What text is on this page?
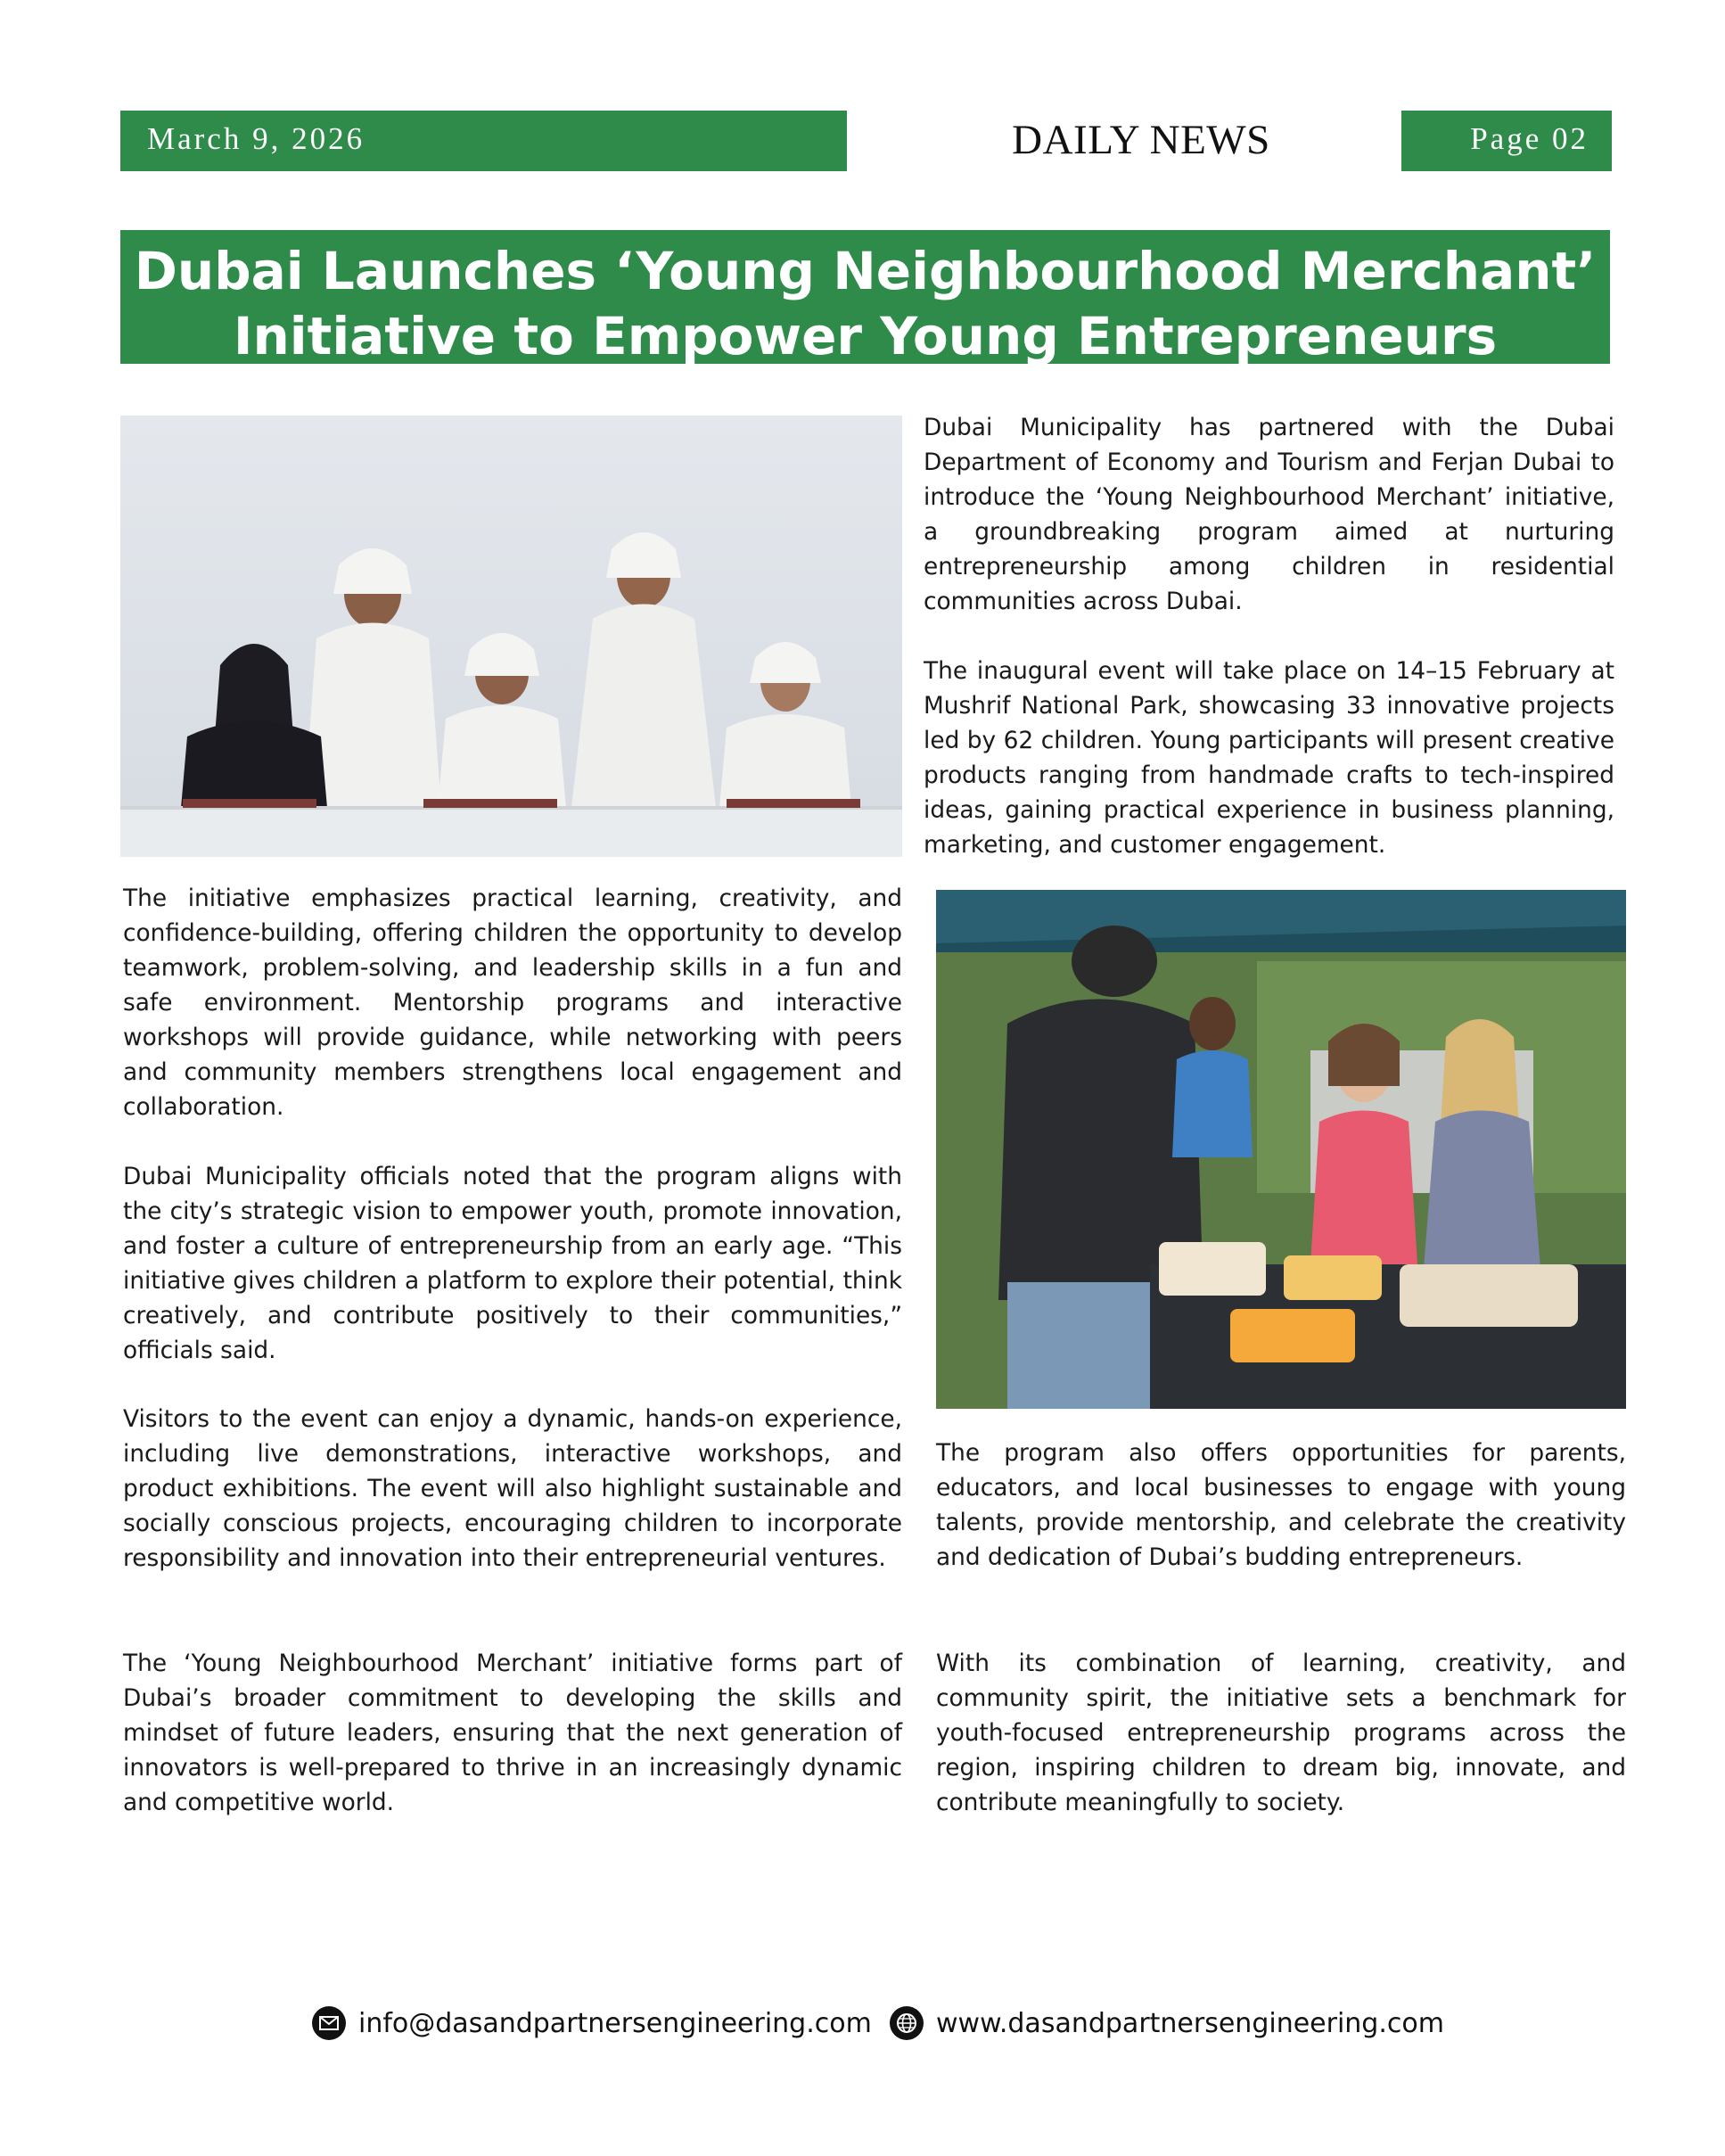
March 9, 2026	DAILY NEWS	Page 02
Dubai Launches ‘Young Neighbourhood Merchant’
Initiative to Empower Young Entrepreneurs

Dubai Municipality has partnered with the Dubai Department of Economy and Tourism and Ferjan Dubai to introduce the ‘Young Neighbourhood Merchant’ initiative, a groundbreaking program aimed at nurturing entrepreneurship among children in residential communities across Dubai.

The inaugural event will take place on 14–15 February at Mushrif National Park, showcasing 33 innovative projects led by 62 children. Young participants will present creative products ranging from handmade crafts to tech-inspired ideas, gaining practical experience in business planning, marketing, and customer engagement.

The initiative emphasizes practical learning, creativity, and confidence-building, offering children the opportunity to develop teamwork, problem-solving, and leadership skills in a fun and safe environment. Mentorship programs and interactive workshops will provide guidance, while networking with peers and community members strengthens local engagement and collaboration.

Dubai Municipality officials noted that the program aligns with the city’s strategic vision to empower youth, promote innovation, and foster a culture of entrepreneurship from an early age. “This initiative gives children a platform to explore their potential, think creatively, and contribute positively to their communities,” officials said.

Visitors to the event can enjoy a dynamic, hands-on experience, including live demonstrations, interactive workshops, and product exhibitions. The event will also highlight sustainable and socially conscious projects, encouraging children to incorporate responsibility and innovation into their entrepreneurial ventures.

The ‘Young Neighbourhood Merchant’ initiative forms part of Dubai’s broader commitment to developing the skills and mindset of future leaders, ensuring that the next generation of innovators is well-prepared to thrive in an increasingly dynamic and competitive world.

The program also offers opportunities for parents, educators, and local businesses to engage with young talents, provide mentorship, and celebrate the creativity and dedication of Dubai’s budding entrepreneurs.

With its combination of learning, creativity, and community spirit, the initiative sets a benchmark for youth-focused entrepreneurship programs across the region, inspiring children to dream big, innovate, and contribute meaningfully to society.

info@dasandpartnersengineering.com www.dasandpartnersengineering.com
